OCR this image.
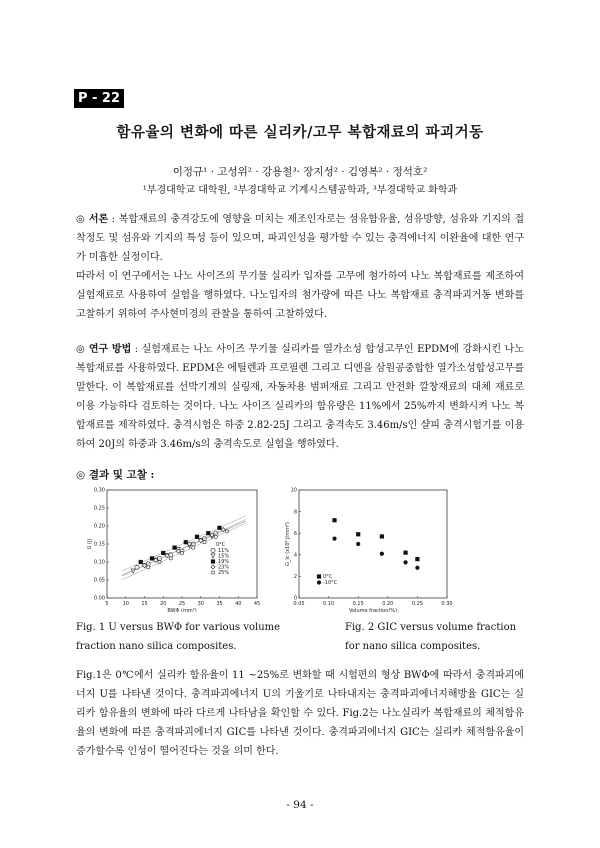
P - 22
함유율의 변화에 따른 실리카/고무 복합재료의 파괴거동
이정규¹ · 고성위² · 강용철³· 장지성² · 김영복² · 정석호²
¹부경대학교 대학원, ²부경대학교 기계시스템공학과, ³부경대학교 화학과
◎ 서론 : 복합재료의 충격강도에 영향을 미치는 제조인자로는 섬유함유율, 섬유방향, 섬유와 기지의 접착정도 및 섬유와 기지의 특성 등이 있으며, 파괴인성을 평가할 수 있는 충격에너지 이완율에 대한 연구가 미흡한 실정이다.
따라서 이 연구에서는 나노 사이즈의 무기물 실리카 입자를 고무에 첨가하여 나노 복합재료를 제조하여 실험재료로 사용하여 실험을 행하였다. 나노입자의 첨가량에 따른 나노 복합재료 충격파괴거동 변화를 고찰하기 위하여 주사현미경의 관찰을 통하여 고찰하였다.
◎ 연구 방법 : 실험재료는 나노 사이즈 무기물 실리카를 열가소성 합성고무인 EPDM에 강화시킨 나노 복합재료를 사용하였다. EPDM은 에틸렌과 프로필렌 그리고 디엔을 삼원공중합한 열가소성합성고무를 말한다. 이 복합재료를 선박기계의 실링재, 자동차용 범퍼재료 그리고 안전화 깔창재료의 대체 재료로 이용 가능하다 검토하는 것이다. 나노 사이즈 실리카의 함유량은 11%에서 25%까지 변화시켜 나노 복합재료를 제작하였다. 충격시험은 하중 2.82-25J 그리고 충격속도 3.46m/s인 샬피 충격시험기를 이용 하여 20J의 하중과 3.46m/s의 충격속도로 실험을 행하였다.
◎ 결과 및 고찰 :
5	10 15 20 25 30 35 40 45
0.00
0.05
0.10
0.15
0.20
0.25
0.30
BWΦ (mm²)
U (J)	0°C
11%
15%
19%
23%
25%
0.05	0.10	0.15	0.20	0.25	0.30
0
2
4
6
8
10
Volume fraction(%)
G_Ic (x10³ J/mm²)
0°C
-10°C
Fig. 1 U versus BWΦ for various volume fraction nano silica composites.
Fig. 2 GIC versus volume fraction for nano silica composites.
Fig.1은 0℃에서 실리카 함유율이 11 ~25%로 변화할 때 시험편의 형상 BWΦ에 따라서 충격파괴에너지 U를 나타낸 것이다. 충격파괴에너지 U의 기울기로 나타내지는 충격파괴에너지해방율 GIC는 실리카 함유율의 변화에 따라 다르게 나타남을 확인할 수 있다. Fig.2는 나노실리카 복합재료의 체적함유율의 변화에 따른 충격파괴에너지 GIC를 나타낸 것이다. 충격파괴에너지 GIC는 실리카 체적함유율이 증가할수록 인성이 떨어진다는 것을 의미 한다.
- 94 -
